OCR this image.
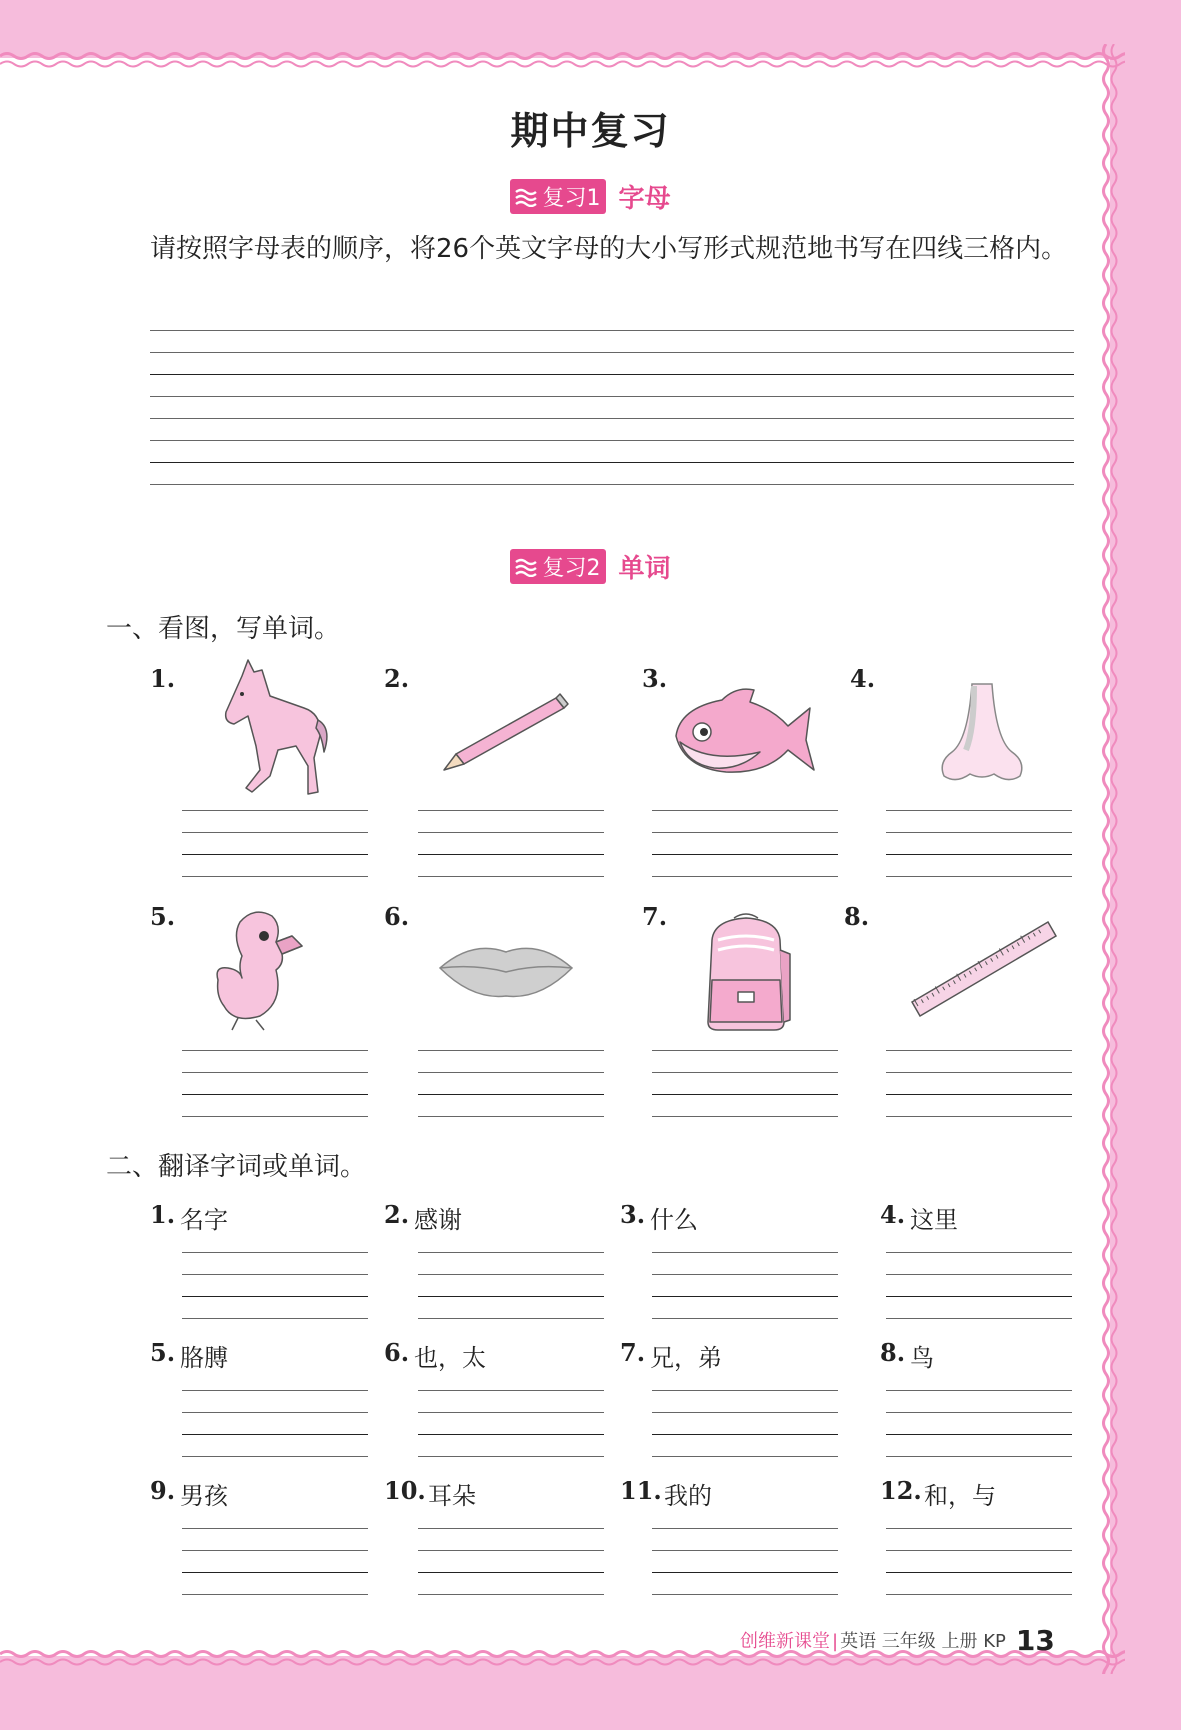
期中复习
复习1 字母
请按照字母表的顺序，将26个英文字母的大小写形式规范地书写在四线三格内。
复习2 单词
一、看图，写单词。
1.	2.	3.	4.
5.	6.	7.	8.
二、翻译字词或单词。
1. 名字	2. 感谢	3. 什么	4. 这里
5. 胳膊	6. 也，太	7. 兄，弟	8. 鸟
9. 男孩	10. 耳朵	11. 我的	12. 和，与
创维新课堂 | 英语 三年级 上册 KP 13
